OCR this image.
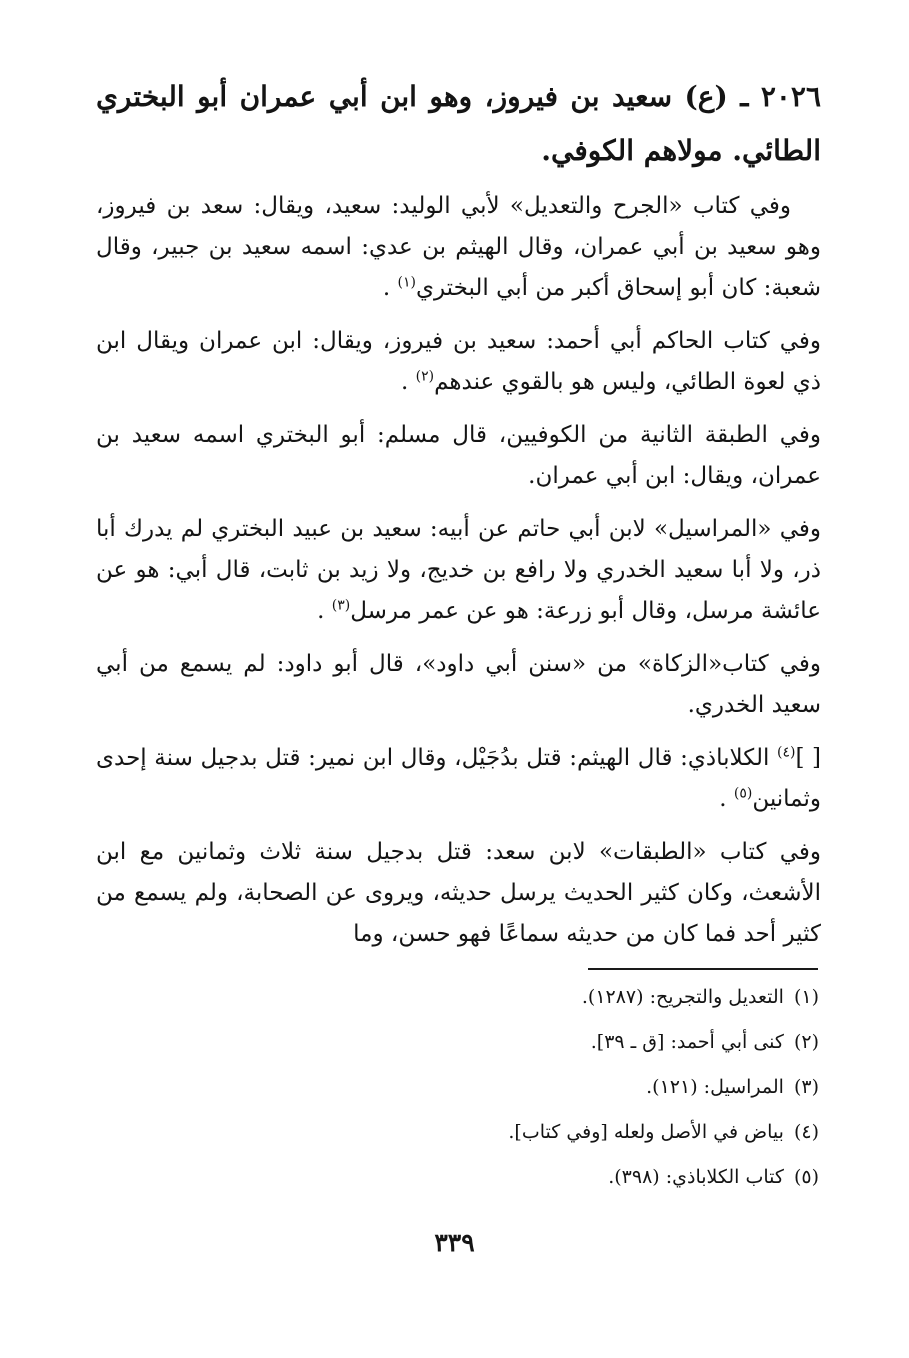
٢٠٢٦ ـ (ع) سعيد بن فيروز، وهو ابن أبي عمران أبو البختري الطائي. مولاهم الكوفي.

وفي كتاب «الجرح والتعديل» لأبي الوليد: سعيد، ويقال: سعد بن فيروز، وهو سعيد بن أبي عمران، وقال الهيثم بن عدي: اسمه سعيد بن جبير، وقال شعبة: كان أبو إسحاق أكبر من أبي البختري$^{(١)}$ .

وفي كتاب الحاكم أبي أحمد: سعيد بن فيروز، ويقال: ابن عمران ويقال ابن ذي لعوة الطائي، وليس هو بالقوي عندهم$^{(٢)}$ .

وفي الطبقة الثانية من الكوفيين، قال مسلم: أبو البختري اسمه سعيد بن عمران، ويقال: ابن أبي عمران.

وفي «المراسيل» لابن أبي حاتم عن أبيه: سعيد بن عبيد البختري لم يدرك أبا ذر، ولا أبا سعيد الخدري ولا رافع بن خديج، ولا زيد بن ثابت، قال أبي: هو عن عائشة مرسل، وقال أبو زرعة: هو عن عمر مرسل$^{(٣)}$ .

وفي كتاب«الزكاة» من «سنن أبي داود»، قال أبو داود: لم يسمع من أبي سعيد الخدري.

[ ]$^{(٤)}$ الكلاباذي: قال الهيثم: قتل بدُجَيْل، وقال ابن نمير: قتل بدجيل سنة إحدى وثمانين$^{(٥)}$ .

وفي كتاب «الطبقات» لابن سعد: قتل بدجيل سنة ثلاث وثمانين مع ابن الأشعث، وكان كثير الحديث يرسل حديثه، ويروى عن الصحابة، ولم يسمع من كثير أحد فما كان من حديثه سماعًا فهو حسن، وما

(١)التعديل والتجريح: (١٢٨٧).
(٢)كنى أبي أحمد: [ق ـ ٣٩].
(٣)المراسيل: (١٢١).
(٤)بياض في الأصل ولعله [وفي كتاب].
(٥)كتاب الكلاباذي: (٣٩٨).
٣٣٩
